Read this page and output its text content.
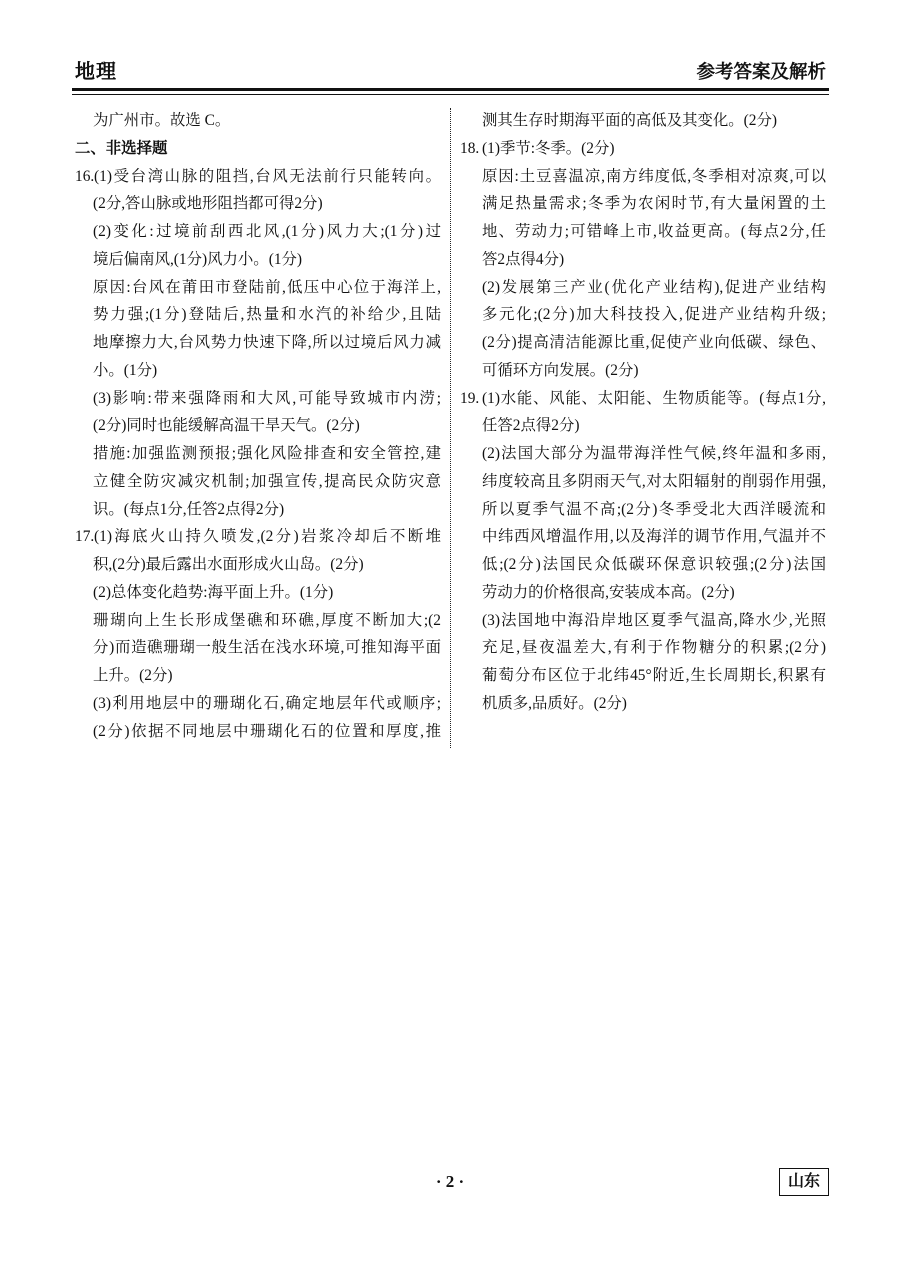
地理	参考答案及解析
为广州市。故选 C。
二、非选择题
16. (1)受台湾山脉的阻挡,台风无法前行只能转向。
(2分,答山脉或地形阻挡都可得2分)
(2)变化:过境前刮西北风,(1分)风力大;(1分)过
境后偏南风,(1分)风力小。(1分)
原因:台风在莆田市登陆前,低压中心位于海洋上,
势力强;(1分)登陆后,热量和水汽的补给少,且陆
地摩擦力大,台风势力快速下降,所以过境后风力减
小。(1分)
(3)影响:带来强降雨和大风,可能导致城市内涝;
(2分)同时也能缓解高温干旱天气。(2分)
措施:加强监测预报;强化风险排查和安全管控,建
立健全防灾减灾机制;加强宣传,提高民众防灾意
识。(每点1分,任答2点得2分)
17. (1)海底火山持久喷发,(2分)岩浆冷却后不断堆
积,(2分)最后露出水面形成火山岛。(2分)
(2)总体变化趋势:海平面上升。(1分)
珊瑚向上生长形成堡礁和环礁,厚度不断加大;(2
分)而造礁珊瑚一般生活在浅水环境,可推知海平面
上升。(2分)
(3)利用地层中的珊瑚化石,确定地层年代或顺序;
(2分)依据不同地层中珊瑚化石的位置和厚度,推
测其生存时期海平面的高低及其变化。(2分)
18. (1)季节:冬季。(2分)
原因:土豆喜温凉,南方纬度低,冬季相对凉爽,可以
满足热量需求;冬季为农闲时节,有大量闲置的土
地、劳动力;可错峰上市,收益更高。(每点2分,任
答2点得4分)
(2)发展第三产业(优化产业结构),促进产业结构
多元化;(2分)加大科技投入,促进产业结构升级;
(2分)提高清洁能源比重,促使产业向低碳、绿色、
可循环方向发展。(2分)
19. (1)水能、风能、太阳能、生物质能等。(每点1分,
任答2点得2分)
(2)法国大部分为温带海洋性气候,终年温和多雨,
纬度较高且多阴雨天气,对太阳辐射的削弱作用强,
所以夏季气温不高;(2分)冬季受北大西洋暖流和
中纬西风增温作用,以及海洋的调节作用,气温并不
低;(2分)法国民众低碳环保意识较强;(2分)法国
劳动力的价格很高,安装成本高。(2分)
(3)法国地中海沿岸地区夏季气温高,降水少,光照
充足,昼夜温差大,有利于作物糖分的积累;(2分)
葡萄分布区位于北纬45°附近,生长周期长,积累有
机质多,品质好。(2分)
· 2 ·	山东
